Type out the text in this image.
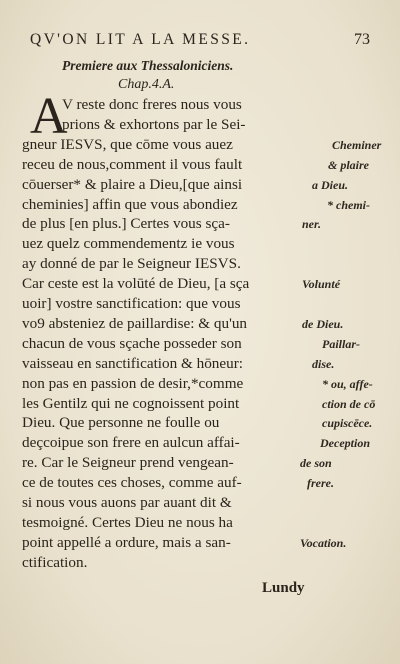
QV'ON LIT A LA MESSE.	73
Premiere aux Thessaloniciens.
Chap.4.A.
A
V reste donc freres nous vous
prions & exhortons par le Sei-
gneur IESVS, que cōme vous auez
receu de nous,comment il vous fault
cōuerser* & plaire a Dieu,[que ainsi
cheminies] affin que vous abondiez
de plus [en plus.] Certes vous sça-
uez quelz commendementz ie vous
ay donné de par le Seigneur IESVS.
Car ceste est la volūté de Dieu, [a sça
uoir] vostre sanctification: que vous
vo9 absteniez de paillardise: & qu'un
chacun de vous sçache posseder son
vaisseau en sanctification & hōneur:
non pas en passion de desir,*comme
les Gentilz qui ne cognoissent point
Dieu. Que personne ne foulle ou
deçcoipue son frere en aulcun affai-
re. Car le Seigneur prend vengean-
ce de toutes ces choses, comme auf-
si nous vous auons par auant dit &
tesmoigné. Certes Dieu ne nous ha
point appellé a ordure, mais a san-
ctification.
Cheminer
& plaire
a Dieu.
* chemi-
ner.
Volunté
de Dieu.
Paillar-
dise.
* ou, affe-
ction de cō
cupiscēce.
Deception
de son
frere.
Vocation.
Lundy
